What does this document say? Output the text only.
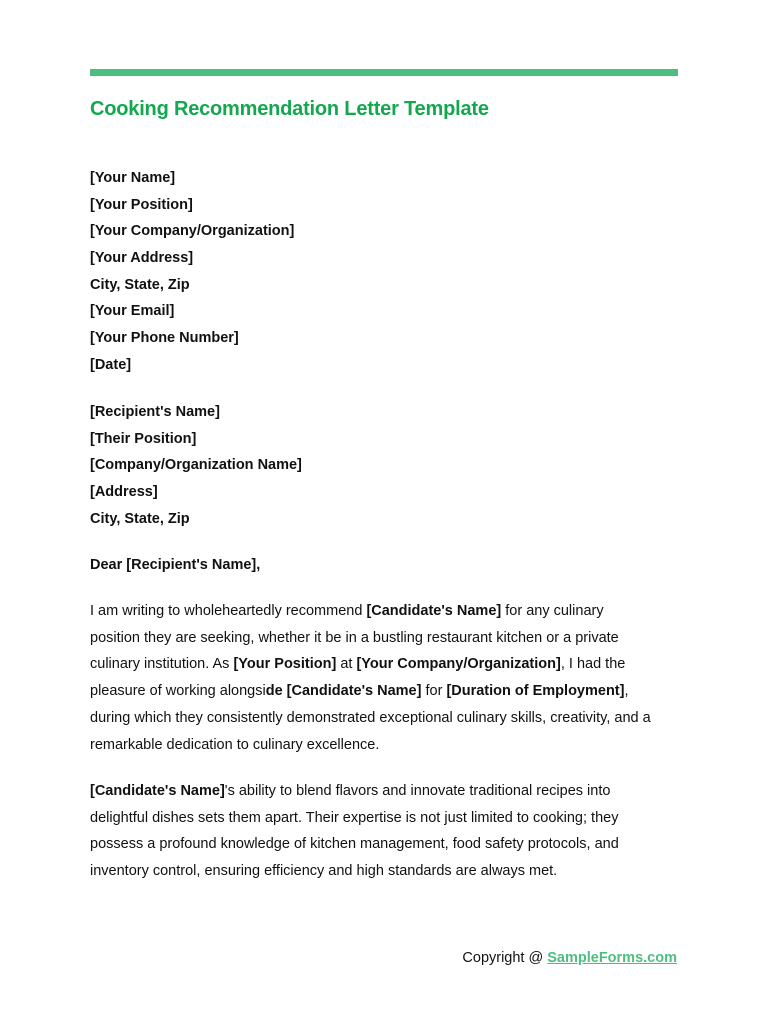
Cooking Recommendation Letter Template
[Your Name]
[Your Position]
[Your Company/Organization]
[Your Address]
City, State, Zip
[Your Email]
[Your Phone Number]
[Date]
[Recipient's Name]
[Their Position]
[Company/Organization Name]
[Address]
City, State, Zip
Dear [Recipient's Name],
I am writing to wholeheartedly recommend [Candidate's Name] for any culinary
position they are seeking, whether it be in a bustling restaurant kitchen or a private
culinary institution. As [Your Position] at [Your Company/Organization], I had the
pleasure of working alongside [Candidate's Name] for [Duration of Employment],
during which they consistently demonstrated exceptional culinary skills, creativity, and a
remarkable dedication to culinary excellence.
[Candidate's Name]'s ability to blend flavors and innovate traditional recipes into
delightful dishes sets them apart. Their expertise is not just limited to cooking; they
possess a profound knowledge of kitchen management, food safety protocols, and
inventory control, ensuring efficiency and high standards are always met.
Copyright @ SampleForms.com
